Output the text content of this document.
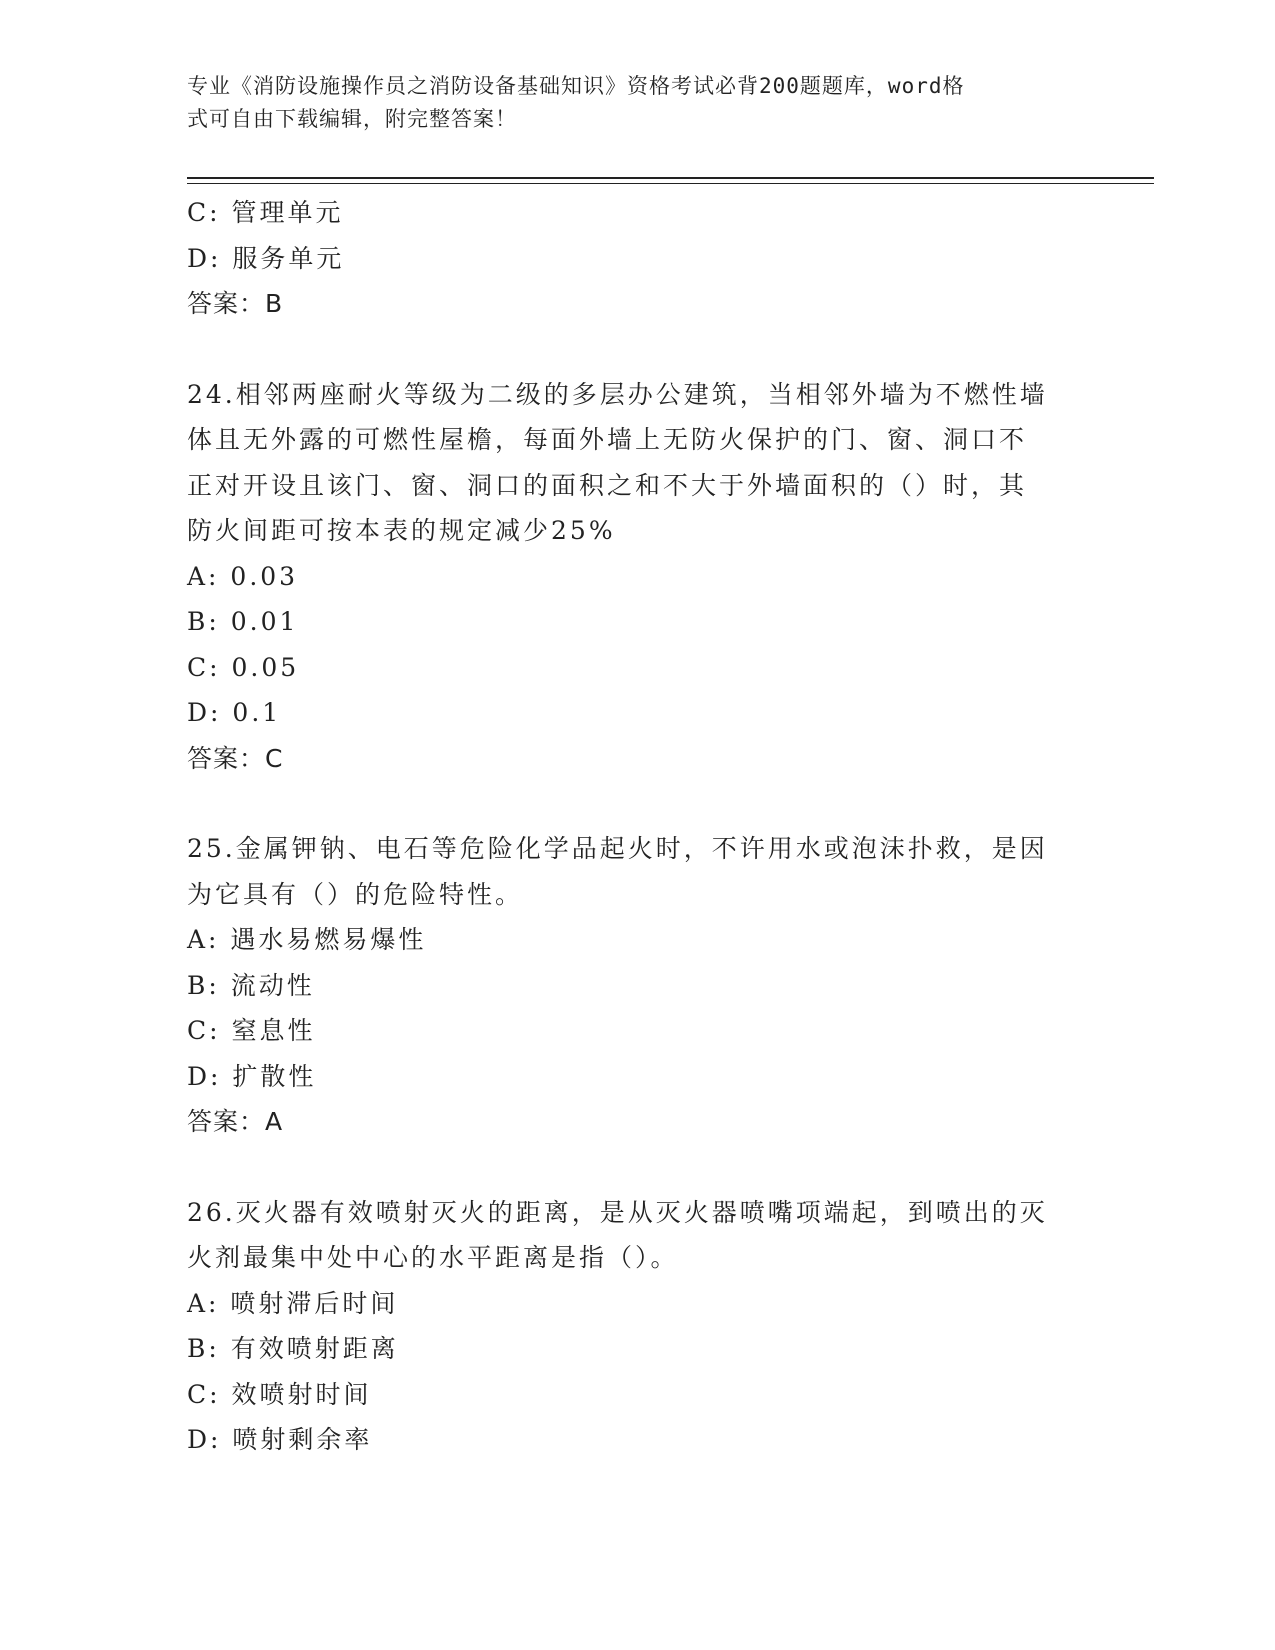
专业《消防设施操作员之消防设备基础知识》资格考试必背200题题库，word格
式可自由下载编辑，附完整答案！
C: 管理单元
D: 服务单元
答案：B
24.相邻两座耐火等级为二级的多层办公建筑，当相邻外墙为不燃性墙
体且无外露的可燃性屋檐，每面外墙上无防火保护的门、窗、洞口不
正对开设且该门、窗、洞口的面积之和不大于外墙面积的（）时，其
防火间距可按本表的规定减少25%
A: 0.03
B: 0.01
C: 0.05
D: 0.1
答案：C
25.金属钾钠、电石等危险化学品起火时，不许用水或泡沫扑救，是因
为它具有（）的危险特性。
A: 遇水易燃易爆性
B: 流动性
C: 窒息性
D: 扩散性
答案：A
26.灭火器有效喷射灭火的距离，是从灭火器喷嘴项端起，到喷出的灭
火剂最集中处中心的水平距离是指（）。
A: 喷射滞后时间
B: 有效喷射距离
C: 效喷射时间
D: 喷射剩余率
